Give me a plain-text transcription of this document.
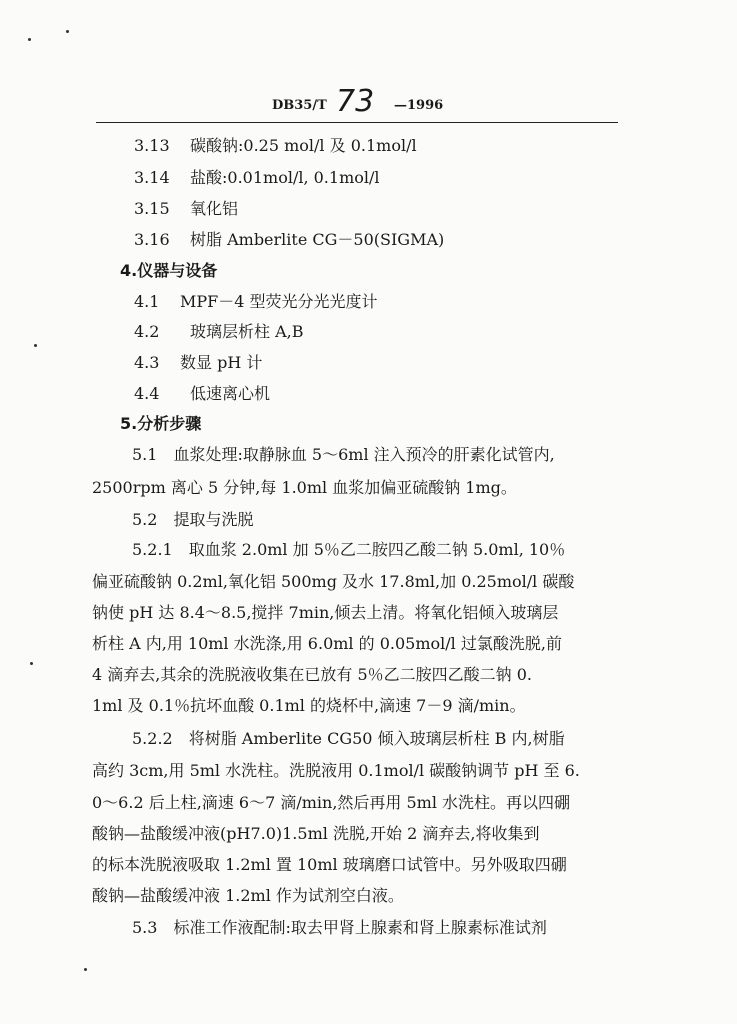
DB35/T 73 —1996
3.13 碳酸钠:0.25 mol/l 及 0.1mol/l
3.14 盐酸:0.01mol/l, 0.1mol/l
3.15 氧化铝
3.16 树脂 Amberlite CG－50(SIGMA)
4.仪器与设备
4.1 MPF－4 型荧光分光光度计
4.2 玻璃层析柱 A,B
4.3 数显 pH 计
4.4 低速离心机
5.分析步骤
5.1　血浆处理:取静脉血 5～6ml 注入预冷的肝素化试管内,
2500rpm 离心 5 分钟,每 1.0ml 血浆加偏亚硫酸钠 1mg。
5.2　提取与洗脱
5.2.1　取血浆 2.0ml 加 5％乙二胺四乙酸二钠 5.0ml, 10％
偏亚硫酸钠 0.2ml,氧化铝 500mg 及水 17.8ml,加 0.25mol/l 碳酸
钠使 pH 达 8.4～8.5,搅拌 7min,倾去上清。将氧化铝倾入玻璃层
析柱 A 内,用 10ml 水洗涤,用 6.0ml 的 0.05mol/l 过氯酸洗脱,前
4 滴弃去,其余的洗脱液收集在已放有 5％乙二胺四乙酸二钠 0.
1ml 及 0.1％抗坏血酸 0.1ml 的烧杯中,滴速 7－9 滴/min。
5.2.2　将树脂 Amberlite CG50 倾入玻璃层析柱 B 内,树脂
高约 3cm,用 5ml 水洗柱。洗脱液用 0.1mol/l 碳酸钠调节 pH 至 6.
0～6.2 后上柱,滴速 6～7 滴/min,然后再用 5ml 水洗柱。再以四硼
酸钠—盐酸缓冲液(pH7.0)1.5ml 洗脱,开始 2 滴弃去,将收集到
的标本洗脱液吸取 1.2ml 置 10ml 玻璃磨口试管中。另外吸取四硼
酸钠—盐酸缓冲液 1.2ml 作为试剂空白液。
5.3　标准工作液配制:取去甲肾上腺素和肾上腺素标准试剂
